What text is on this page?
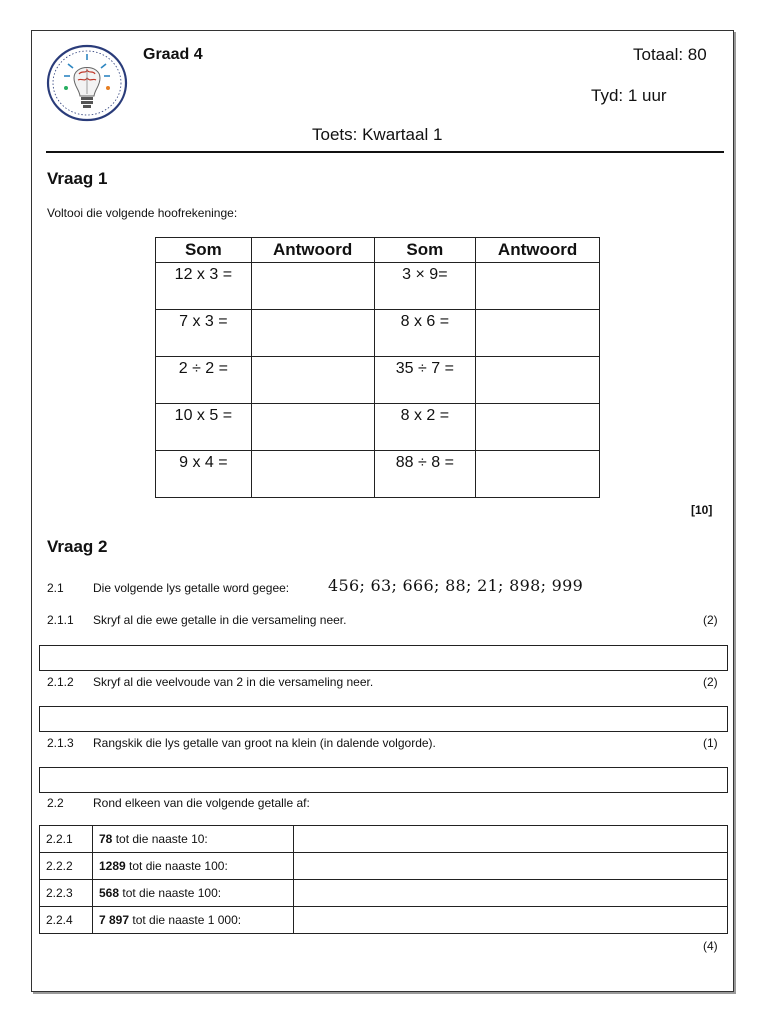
Graad 4	Totaal: 80
Tyd: 1 uur
Toets: Kwartaal 1
Vraag 1
Voltooi die volgende hoofrekeninge:
Som	Antwoord	Som	Antwoord
12 x 3 =		3 × 9=	
7 x 3 =		8 x 6 =	
2 ÷ 2 =		35 ÷ 7 =	
10 x 5 =		8 x 2 =	
9 x 4 =		88 ÷ 8 =	
[10]
Vraag 2
2.1 Die volgende lys getalle word gegee: 456; 63; 666; 88; 21; 898; 999
2.1.1 Skryf al die ewe getalle in die versameling neer.	(2)
2.1.2 Skryf al die veelvoude van 2 in die versameling neer.	(2)
2.1.3 Rangskik die lys getalle van groot na klein (in dalende volgorde).	(1)
2.2 Rond elkeen van die volgende getalle af:
2.2.1	78 tot die naaste 10:	
2.2.2	1289 tot die naaste 100:	
2.2.3	568 tot die naaste 100:	
2.2.4	7 897 tot die naaste 1 000:	
(4)
